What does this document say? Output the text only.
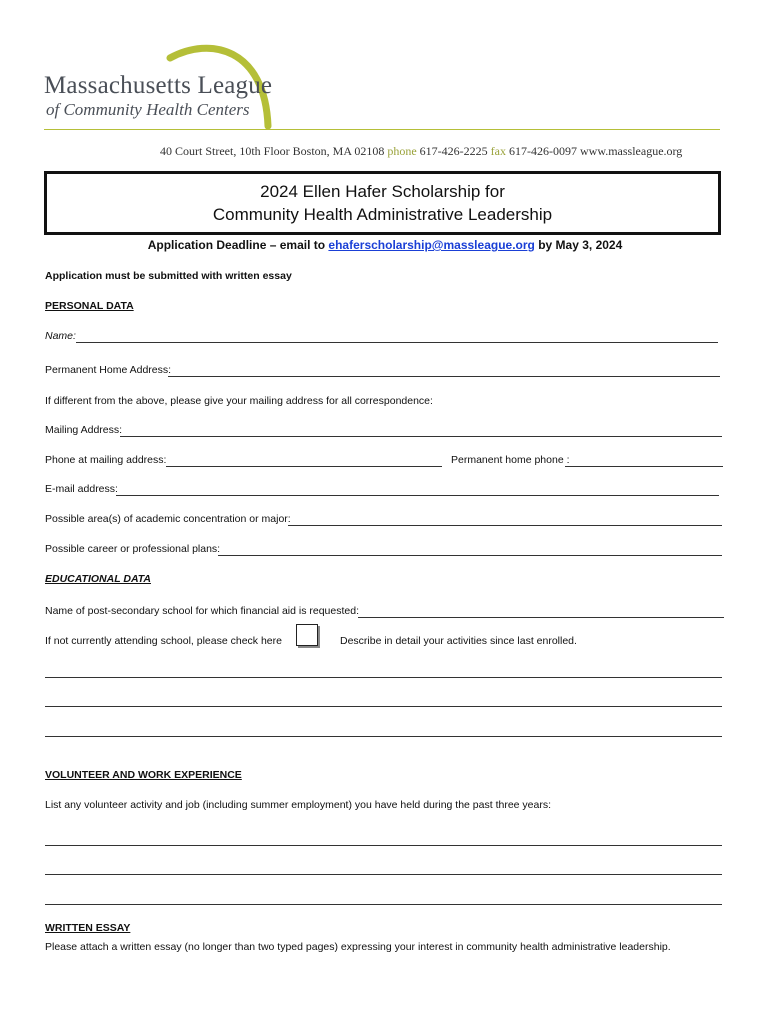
Massachusetts League
of Community Health Centers
40 Court Street, 10th Floor Boston, MA 02108 phone 617-426-2225 fax 617-426-0097 www.massleague.org
2024 Ellen Hafer Scholarship for
Community Health Administrative Leadership
Application Deadline – email to ehaferscholarship@massleague.org by May 3, 2024
Application must be submitted with written essay
PERSONAL DATA
Name:
Permanent Home Address:
If different from the above, please give your mailing address for all correspondence:
Mailing Address:
Phone at mailing address:	Permanent home phone :
E-mail address:
Possible area(s) of academic concentration or major:
Possible career or professional plans:
EDUCATIONAL DATA
Name of post-secondary school for which financial aid is requested:
If not currently attending school, please check here	Describe in detail your activities since last enrolled.
VOLUNTEER AND WORK EXPERIENCE
List any volunteer activity and job (including summer employment) you have held during the past three years:
WRITTEN ESSAY
Please attach a written essay (no longer than two typed pages) expressing your interest in community health administrative leadership.
